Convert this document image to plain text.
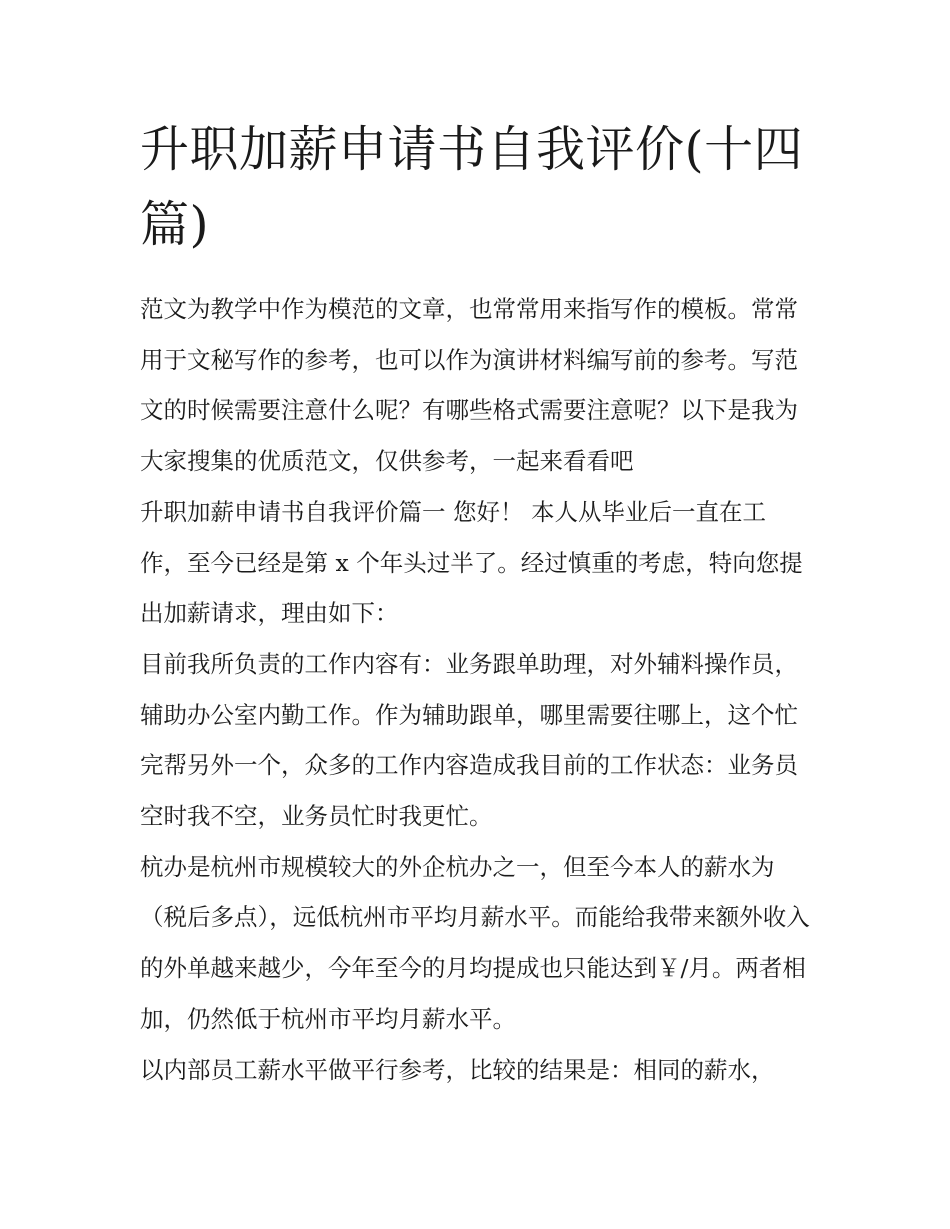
升职加薪申请书自我评价(十四篇)

范文为教学中作为模范的文章，也常常用来指写作的模板。常常用于文秘写作的参考，也可以作为演讲材料编写前的参考。写范文的时候需要注意什么呢？有哪些格式需要注意呢？以下是我为大家搜集的优质范文，仅供参考，一起来看看吧

升职加薪申请书自我评价篇一 您好！ 本人从毕业后一直在工作，至今已经是第 x 个年头过半了。经过慎重的考虑，特向您提出加薪请求，理由如下：

目前我所负责的工作内容有：业务跟单助理，对外辅料操作员，辅助办公室内勤工作。作为辅助跟单，哪里需要往哪上，这个忙完帮另外一个，众多的工作内容造成我目前的工作状态：业务员空时我不空，业务员忙时我更忙。

杭办是杭州市规模较大的外企杭办之一，但至今本人的薪水为（税后多点），远低杭州市平均月薪水平。而能给我带来额外收入的外单越来越少，今年至今的月均提成也只能达到￥/月。两者相加，仍然低于杭州市平均月薪水平。

以内部员工薪水平做平行参考，比较的结果是：相同的薪水，
